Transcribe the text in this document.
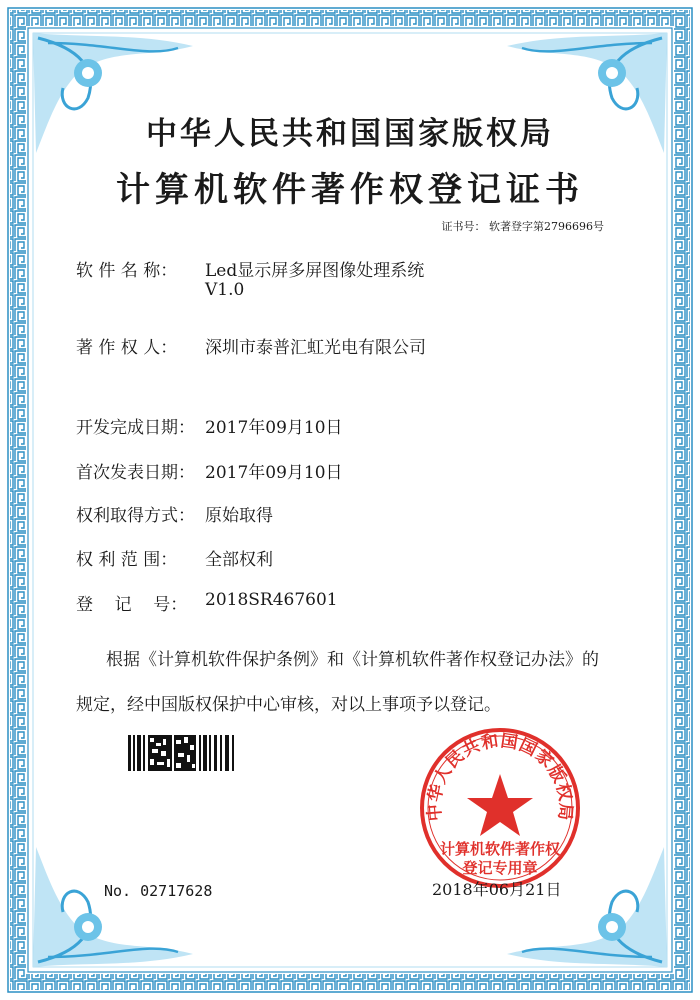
中华人民共和国国家版权局
计算机软件著作权登记证书
证书号： 软著登字第2796696号
软 件 名 称： Led显示屏多屏图像处理系统
V1.0
著 作 权 人： 深圳市泰普汇虹光电有限公司
开发完成日期： 2017年09月10日
首次发表日期： 2017年09月10日
权利取得方式： 原始取得
权 利 范 围： 全部权利
登    记    号： 2018SR467601
根据《计算机软件保护条例》和《计算机软件著作权登记办法》的
规定，经中国版权保护中心审核，对以上事项予以登记。
No. 02717628
中华人民共和国国家版权局
计算机软件著作权
登记专用章
2018年06月21日
